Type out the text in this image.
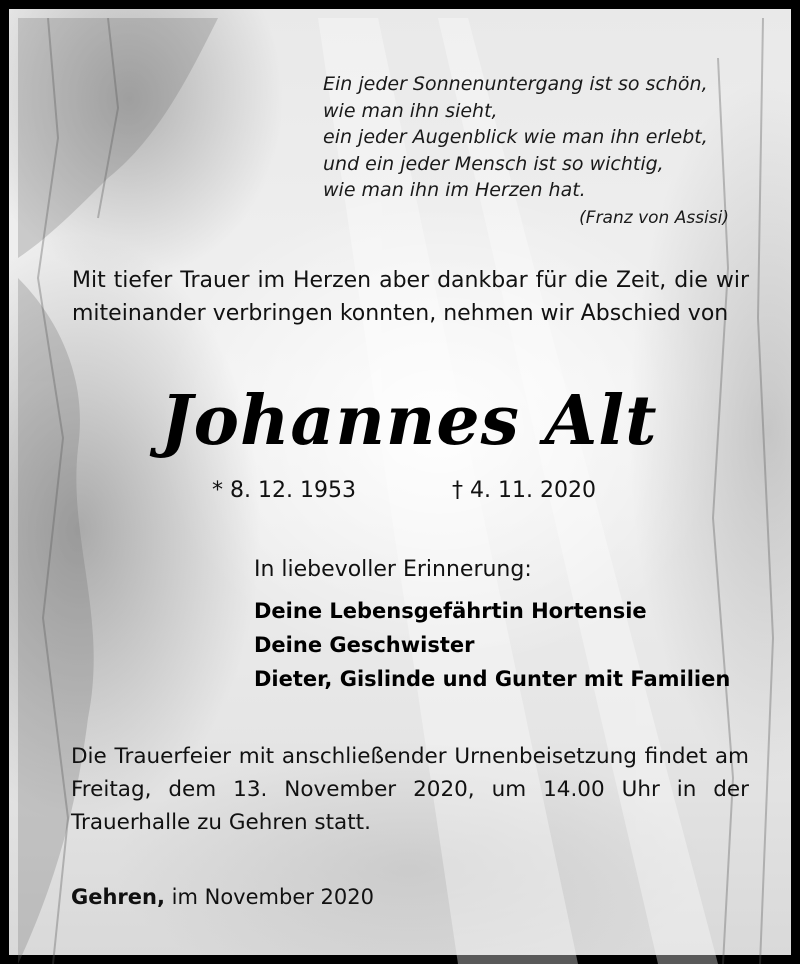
Ein jeder Sonnenuntergang ist so schön,
wie man ihn sieht,
ein jeder Augenblick wie man ihn erlebt,
und ein jeder Mensch ist so wichtig,
wie man ihn im Herzen hat.
(Franz von Assisi)
Mit tiefer Trauer im Herzen aber dankbar für die Zeit, die wir miteinander verbringen konnten, nehmen wir Abschied von
Johannes Alt
* 8. 12. 1953	† 4. 11. 2020
In liebevoller Erinnerung:
Deine Lebensgefährtin Hortensie
Deine Geschwister
Dieter, Gislinde und Gunter mit Familien
Die Trauerfeier mit anschließender Urnenbeisetzung findet am Freitag, dem 13. November 2020, um 14.00 Uhr in der Trauerhalle zu Gehren statt.
Gehren, im November 2020
